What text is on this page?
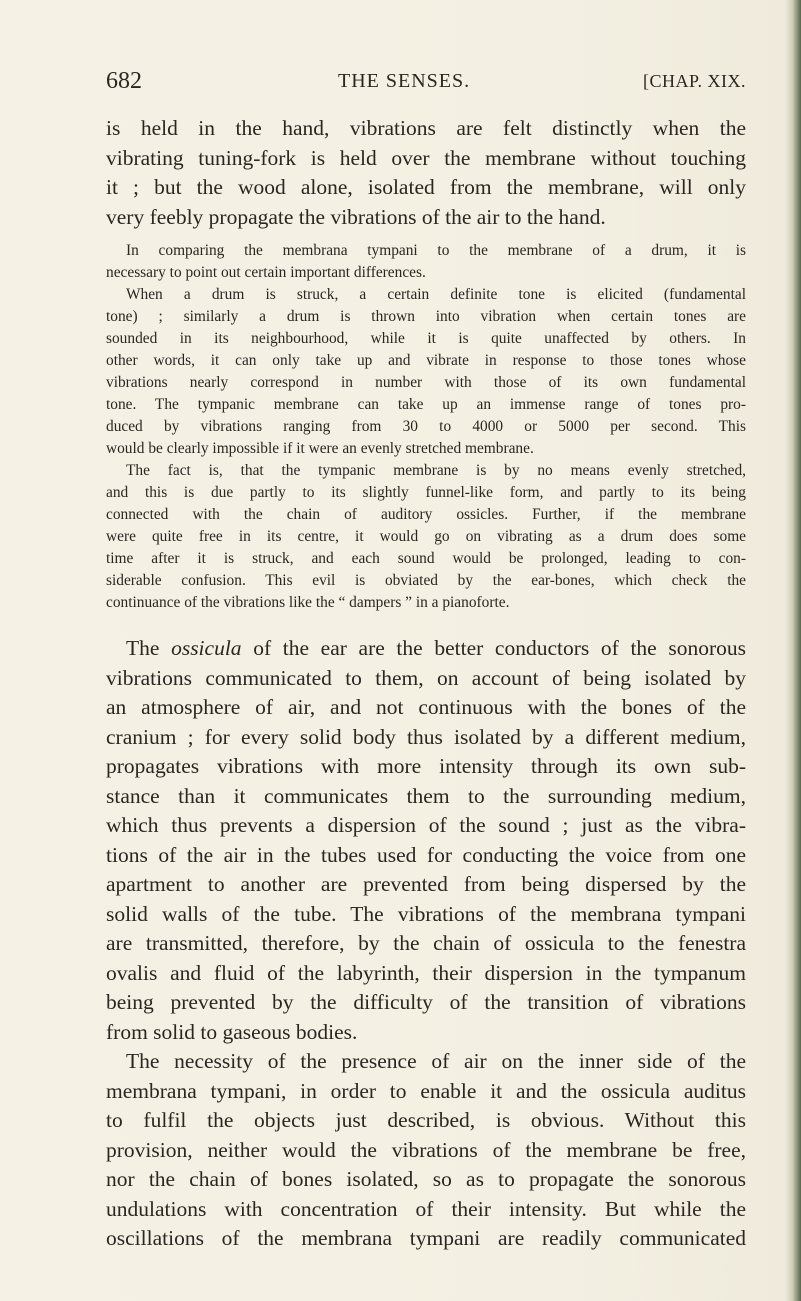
682	THE SENSES.	[CHAP. XIX.
is held in the hand, vibrations are felt distinctly when the
vibrating tuning-fork is held over the membrane without touching
it ; but the wood alone, isolated from the membrane, will only
very feebly propagate the vibrations of the air to the hand.
In comparing the membrana tympani to the membrane of a drum, it is
necessary to point out certain important differences.
When a drum is struck, a certain definite tone is elicited (fundamental
tone) ; similarly a drum is thrown into vibration when certain tones are
sounded in its neighbourhood, while it is quite unaffected by others. In
other words, it can only take up and vibrate in response to those tones whose
vibrations nearly correspond in number with those of its own fundamental
tone. The tympanic membrane can take up an immense range of tones pro-
duced by vibrations ranging from 30 to 4000 or 5000 per second. This
would be clearly impossible if it were an evenly stretched membrane.
The fact is, that the tympanic membrane is by no means evenly stretched,
and this is due partly to its slightly funnel-like form, and partly to its being
connected with the chain of auditory ossicles. Further, if the membrane
were quite free in its centre, it would go on vibrating as a drum does some
time after it is struck, and each sound would be prolonged, leading to con-
siderable confusion. This evil is obviated by the ear-bones, which check the
continuance of the vibrations like the “ dampers ” in a pianoforte.
The ossicula of the ear are the better conductors of the sonorous
vibrations communicated to them, on account of being isolated by
an atmosphere of air, and not continuous with the bones of the
cranium ; for every solid body thus isolated by a different medium,
propagates vibrations with more intensity through its own sub-
stance than it communicates them to the surrounding medium,
which thus prevents a dispersion of the sound ; just as the vibra-
tions of the air in the tubes used for conducting the voice from one
apartment to another are prevented from being dispersed by the
solid walls of the tube. The vibrations of the membrana tympani
are transmitted, therefore, by the chain of ossicula to the fenestra
ovalis and fluid of the labyrinth, their dispersion in the tympanum
being prevented by the difficulty of the transition of vibrations
from solid to gaseous bodies.
The necessity of the presence of air on the inner side of the
membrana tympani, in order to enable it and the ossicula auditus
to fulfil the objects just described, is obvious. Without this
provision, neither would the vibrations of the membrane be free,
nor the chain of bones isolated, so as to propagate the sonorous
undulations with concentration of their intensity. But while the
oscillations of the membrana tympani are readily communicated
